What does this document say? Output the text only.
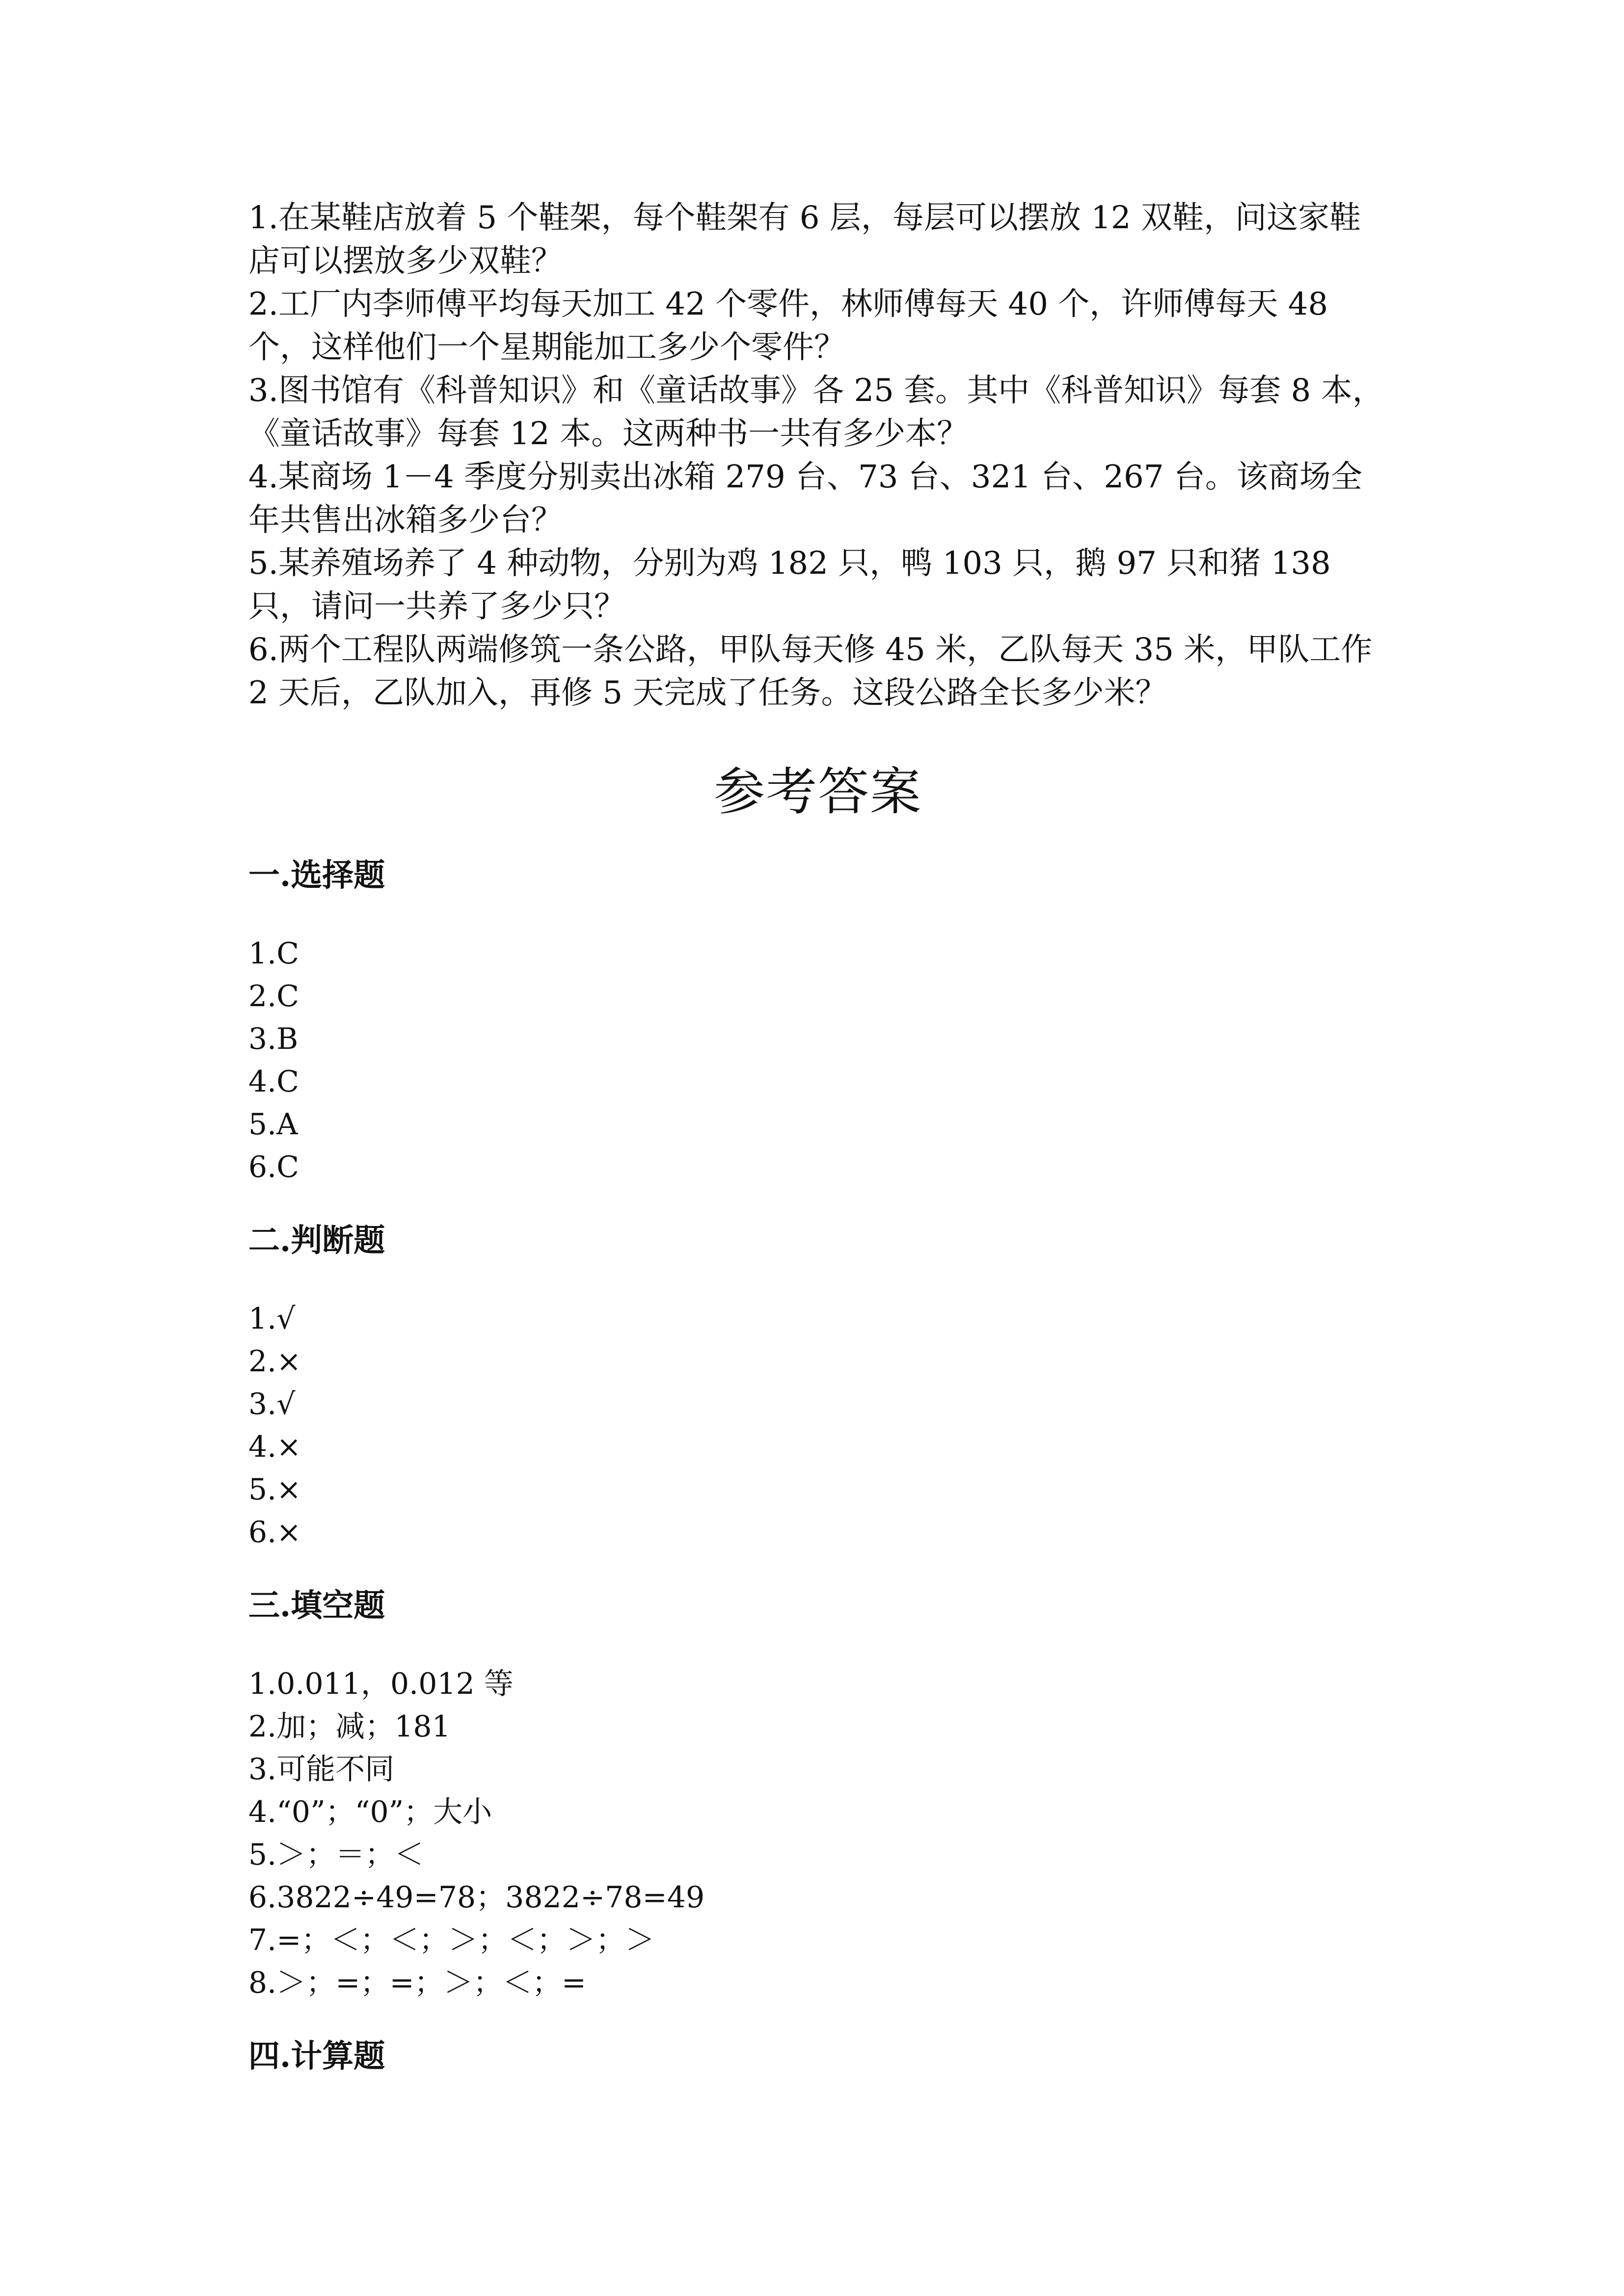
1.在某鞋店放着 5 个鞋架，每个鞋架有 6 层，每层可以摆放 12 双鞋，问这家鞋店可以摆放多少双鞋？
2.工厂内李师傅平均每天加工 42 个零件，林师傅每天 40 个，许师傅每天 48 个，这样他们一个星期能加工多少个零件？
3.图书馆有《科普知识》和《童话故事》各 25 套。其中《科普知识》每套 8 本，《童话故事》每套 12 本。这两种书一共有多少本？
4.某商场 1－4 季度分别卖出冰箱 279 台、73 台、321 台、267 台。该商场全年共售出冰箱多少台？
5.某养殖场养了 4 种动物，分别为鸡 182 只，鸭 103 只，鹅 97 只和猪 138 只，请问一共养了多少只？
6.两个工程队两端修筑一条公路，甲队每天修 45 米，乙队每天 35 米，甲队工作 2 天后，乙队加入，再修 5 天完成了任务。这段公路全长多少米？
参考答案
一.选择题
1.C
2.C
3.B
4.C
5.A
6.C
二.判断题
1.√
2.×
3.√
4.×
5.×
6.×
三.填空题
1.0.011，0.012 等
2.加；减；181
3.可能不同
4.“0”；“0”；大小
5.＞；＝；＜
6.3822÷49=78；3822÷78=49
7.=；＜；＜；＞；＜；＞；＞
8.＞；=；=；＞；＜；=
四.计算题
